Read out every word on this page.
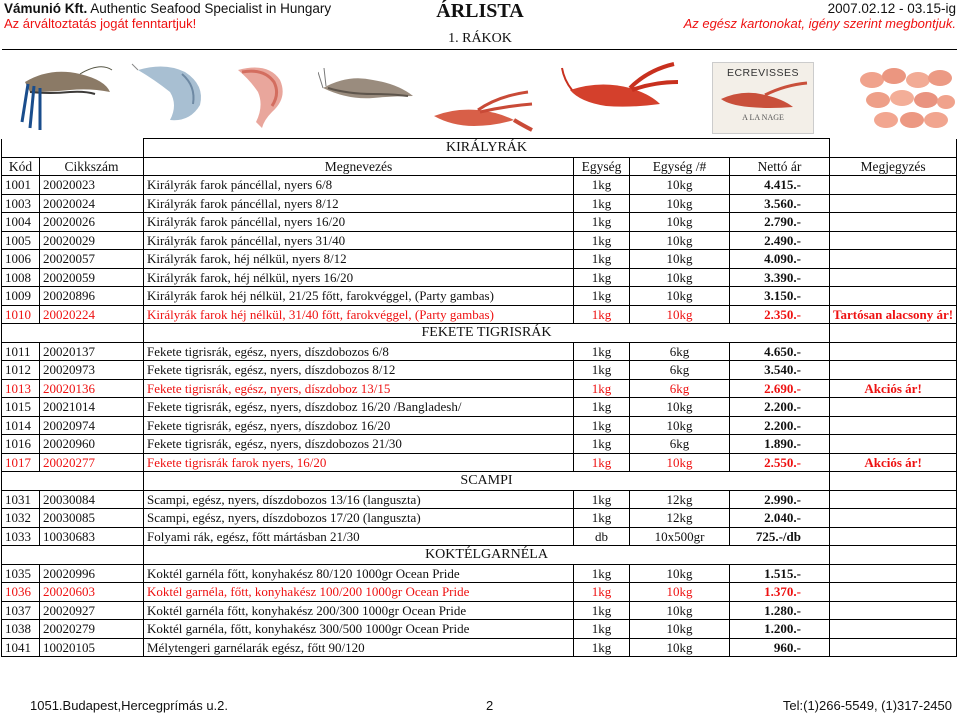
Vámunió Kft. Authentic Seafood Specialist in Hungary
Az árváltoztatás jogát fenntartjuk!
ÁRLISTA	2007.02.12 - 03.15-ig
Az egész kartonokat, igény szerint megbontjuk.
1. RÁKOK
ECREVISSES
A LA NAGE
		KIRÁLYRÁK				
Kód	Cikkszám	Megnevezés	Egység	Egység /#	Nettó ár	Megjegyzés
1001	20020023	Királyrák farok páncéllal, nyers 6/8	1kg	10kg	4.415.-	
1003	20020024	Királyrák farok páncéllal, nyers 8/12	1kg	10kg	3.560.-	
1004	20020026	Királyrák farok páncéllal, nyers 16/20	1kg	10kg	2.790.-	
1005	20020029	Királyrák farok páncéllal, nyers 31/40	1kg	10kg	2.490.-	
1006	20020057	Királyrák farok, héj nélkül, nyers 8/12	1kg	10kg	4.090.-	
1008	20020059	Királyrák farok, héj nélkül, nyers 16/20	1kg	10kg	3.390.-	
1009	20020896	Királyrák farok héj nélkül, 21/25 főtt, farokvéggel, (Party gambas)	1kg	10kg	3.150.-	
1010	20020224	Királyrák farok héj nélkül, 31/40 főtt, farokvéggel, (Party gambas)	1kg	10kg	2.350.-	Tartósan alacsony ár!
		FEKETE TIGRISRÁK				
1011	20020137	Fekete tigrisrák, egész, nyers, díszdobozos 6/8	1kg	6kg	4.650.-	
1012	20020973	Fekete tigrisrák, egész, nyers, díszdobozos 8/12	1kg	6kg	3.540.-	
1013	20020136	Fekete tigrisrák, egész, nyers, díszdoboz 13/15	1kg	6kg	2.690.-	Akciós ár!
1015	20021014	Fekete tigrisrák, egész, nyers, díszdoboz 16/20 /Bangladesh/	1kg	10kg	2.200.-	
1014	20020974	Fekete tigrisrák, egész, nyers, díszdoboz 16/20	1kg	10kg	2.200.-	
1016	20020960	Fekete tigrisrák, egész, nyers, díszdobozos 21/30	1kg	6kg	1.890.-	
1017	20020277	Fekete tigrisrák farok nyers, 16/20	1kg	10kg	2.550.-	Akciós ár!
		SCAMPI				
1031	20030084	Scampi, egész, nyers, díszdobozos 13/16 (languszta)	1kg	12kg	2.990.-	
1032	20030085	Scampi, egész, nyers, díszdobozos 17/20 (languszta)	1kg	12kg	2.040.-	
1033	10030683	Folyami rák, egész, főtt mártásban 21/30	db	10x500gr	725.-/db	
		KOKTÉLGARNÉLA				
1035	20020996	Koktél garnéla főtt, konyhakész 80/120 1000gr Ocean Pride	1kg	10kg	1.515.-	
1036	20020603	Koktél garnéla, főtt, konyhakész 100/200 1000gr Ocean Pride	1kg	10kg	1.370.-	
1037	20020927	Koktél garnéla főtt, konyhakész 200/300 1000gr Ocean Pride	1kg	10kg	1.280.-	
1038	20020279	Koktél garnéla, főtt, konyhakész 300/500 1000gr Ocean Pride	1kg	10kg	1.200.-	
1041	10020105	Mélytengeri garnélarák egész, főtt 90/120	1kg	10kg	960.-	
1051.Budapest,Hercegprímás u.2.	2	Tel:(1)266-5549, (1)317-2450
